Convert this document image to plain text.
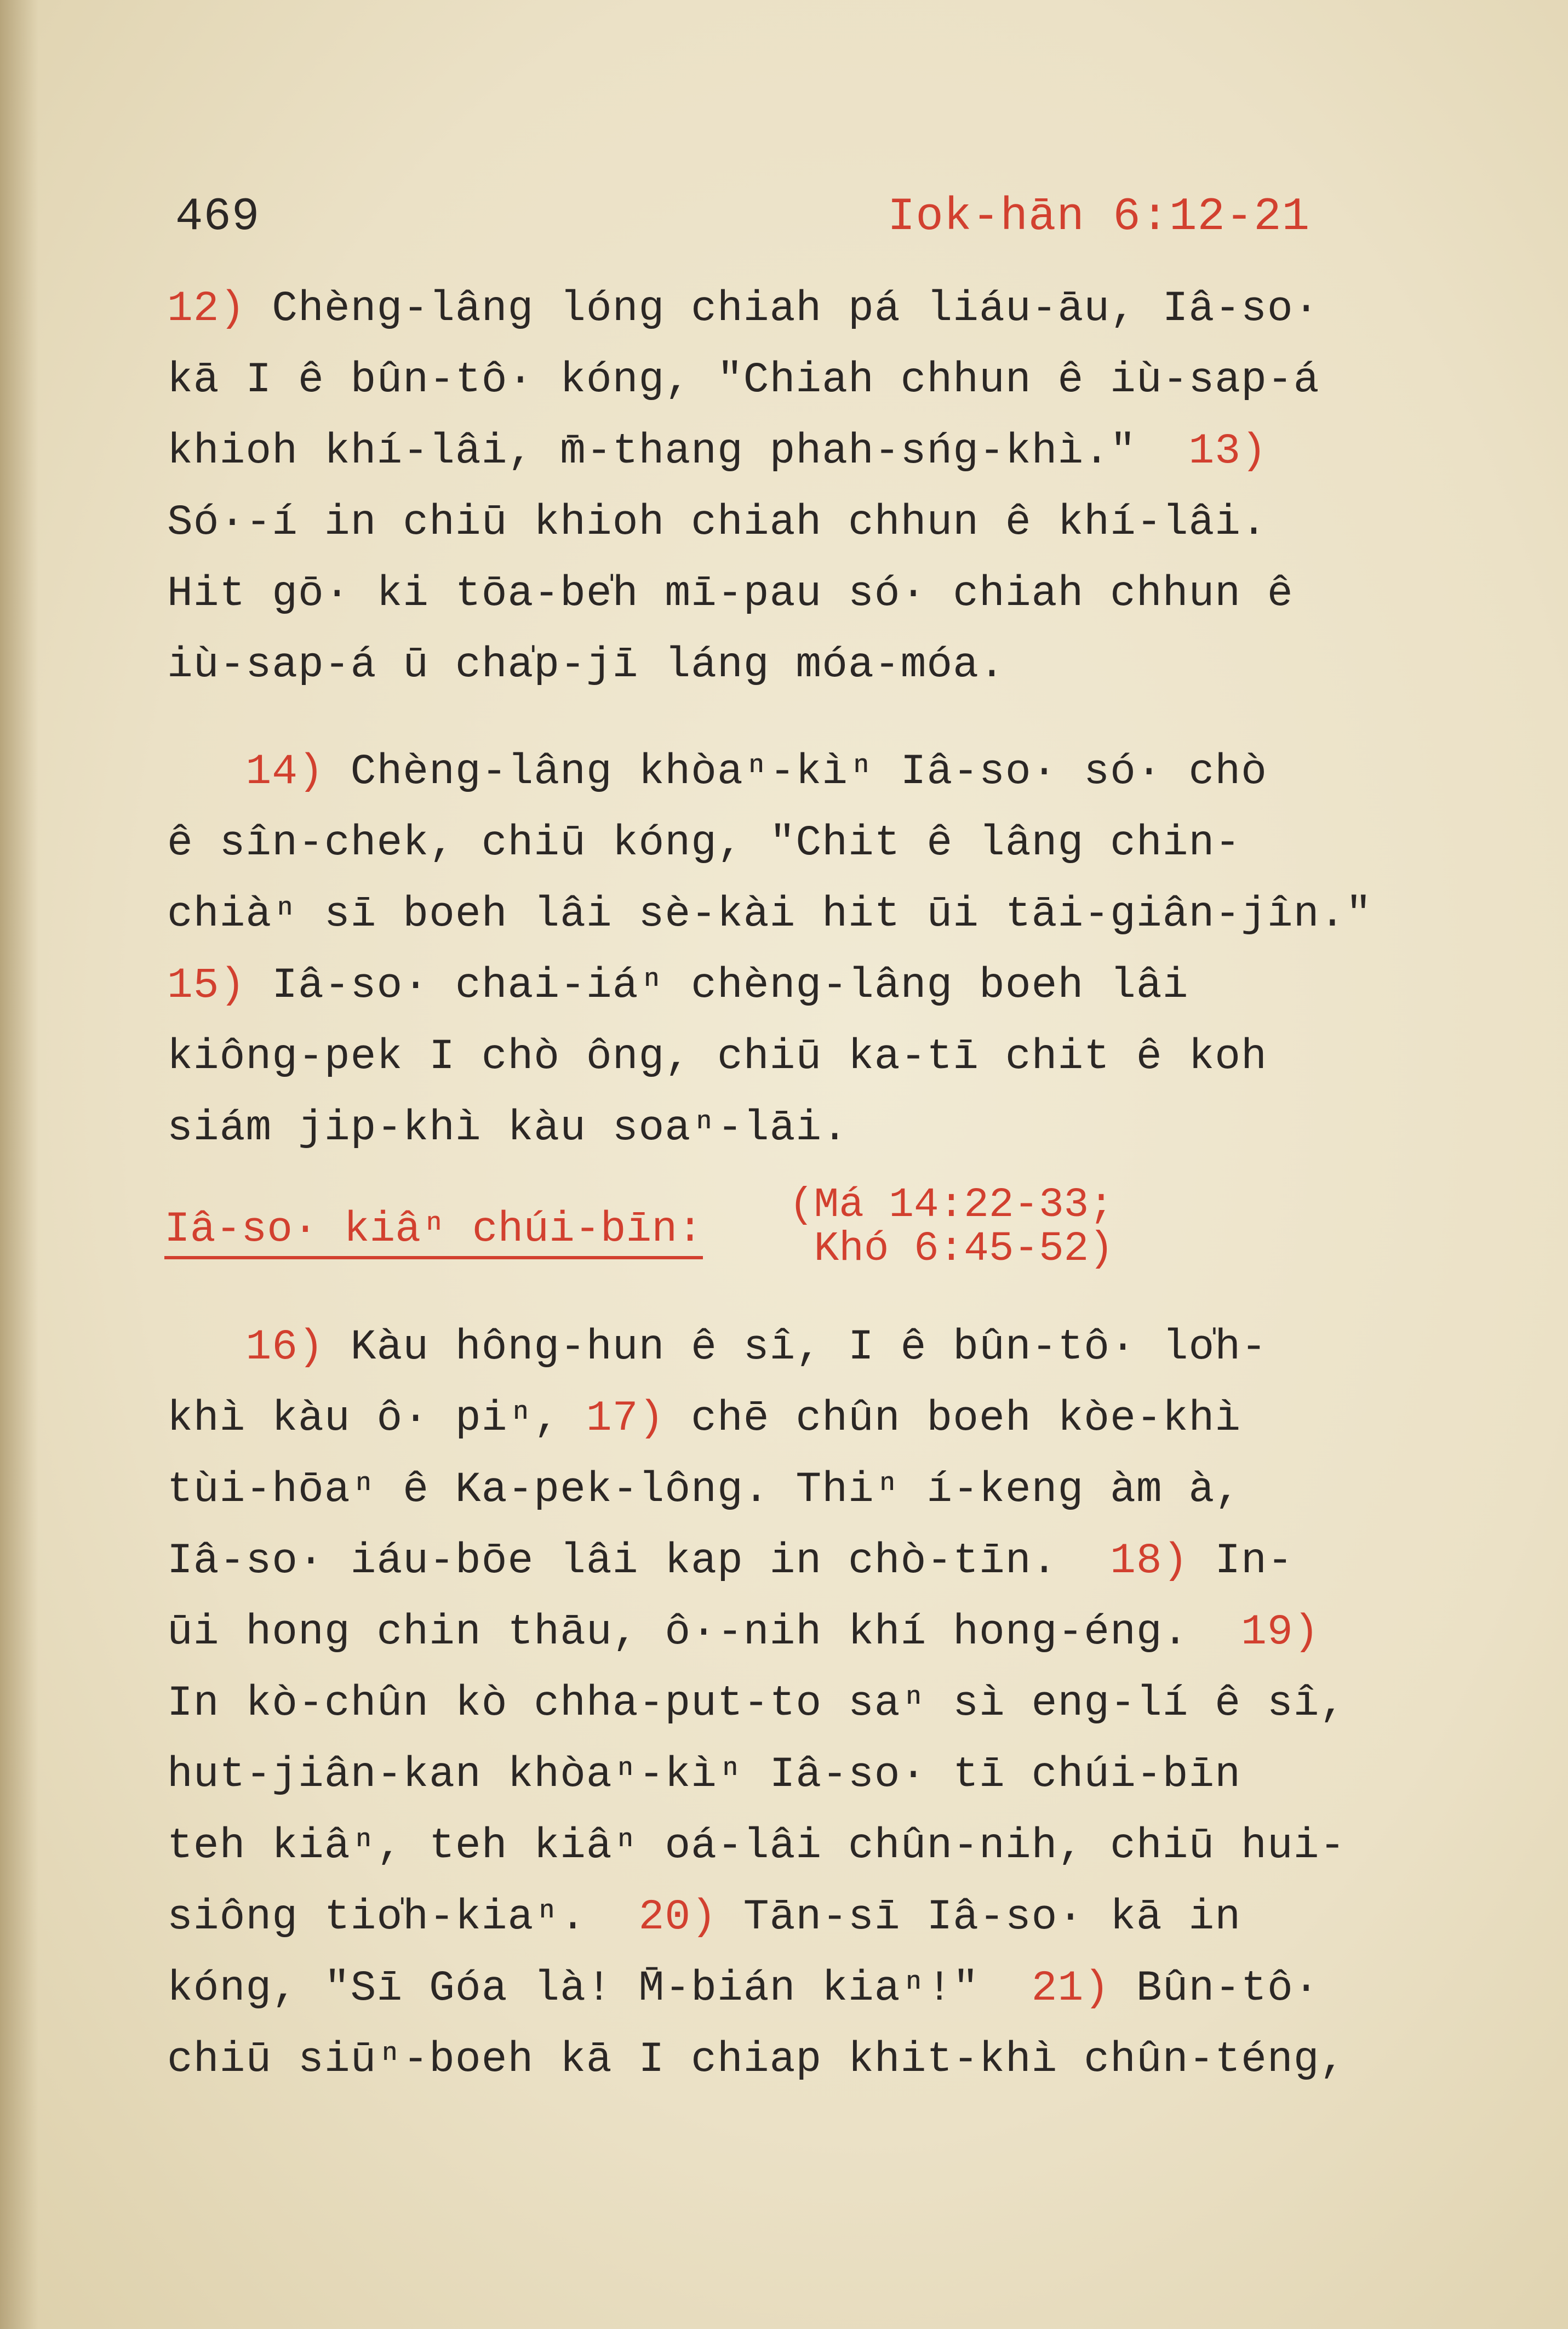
469	Iok-hān 6:12-21
12) Chèng-lâng lóng chiah pá liáu-āu, Iâ-so·
kā I ê bûn-tô· kóng, "Chiah chhun ê iù-sap-á
khioh khí-lâi, m̄-thang phah-sńg-khì."  13)
Só·-í in chiū khioh chiah chhun ê khí-lâi.
Hit gō· ki tōa-be̍h mī-pau só· chiah chhun ê
iù-sap-á ū cha̍p-jī láng móa-móa.
14) Chèng-lâng khòaⁿ-kìⁿ Iâ-so· só· chò
ê sîn-chek, chiū kóng, "Chit ê lâng chin-
chiàⁿ sī boeh lâi sè-kài hit ūi tāi-giân-jîn."
15) Iâ-so· chai-iáⁿ chèng-lâng boeh lâi
kiông-pek I chò ông, chiū ka-tī chit ê koh
siám jip-khì kàu soaⁿ-lāi.
16) Kàu hông-hun ê sî, I ê bûn-tô· lo̍h-
khì kàu ô· piⁿ, 17) chē chûn boeh kòe-khì
tùi-hōaⁿ ê Ka-pek-lông. Thiⁿ í-keng àm à,
Iâ-so· iáu-bōe lâi kap in chò-tīn.  18) In-
ūi hong chin thāu, ô·-nih khí hong-éng.  19)
In kò-chûn kò chha-put-to saⁿ sì eng-lí ê sî,
hut-jiân-kan khòaⁿ-kìⁿ Iâ-so· tī chúi-bīn
teh kiâⁿ, teh kiâⁿ oá-lâi chûn-nih, chiū hui-
siông tio̍h-kiaⁿ.  20) Tān-sī Iâ-so· kā in
kóng, "Sī Góa là! M̄-bián kiaⁿ!"  21) Bûn-tô·
chiū siūⁿ-boeh kā I chiap khit-khì chûn-téng,
Iâ-so· kiâⁿ chúi-bīn:
(Má 14:22-33;
Khó 6:45-52)
